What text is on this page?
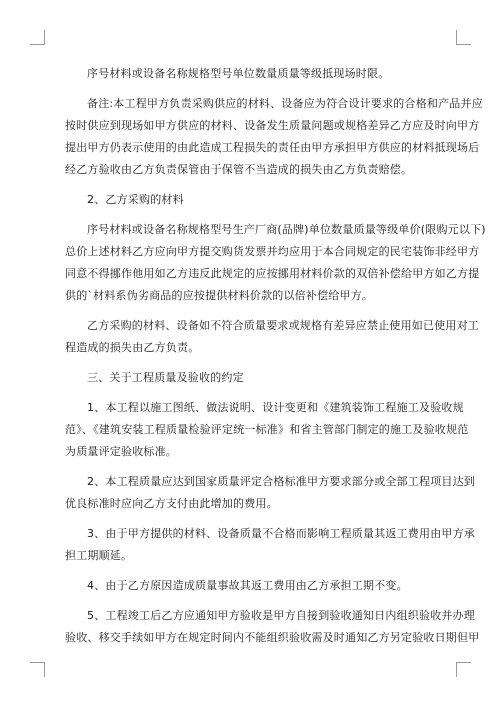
序号材料或设备名称规格型号单位数量质量等级抵现场时限。
备注:本工程甲方负责采购供应的材料、设备应为符合设计要求的合格和产品并应
按时供应到现场如甲方供应的材料、设备发生质量问题或规格差异乙方应及时向甲方
提出甲方仍表示使用的由此造成工程损失的责任由甲方承担甲方供应的材料抵现场后
经乙方验收由乙方负责保管由于保管不当造成的损失由乙方负责赔偿。
2、乙方采购的材料
序号材料或设备名称规格型号生产厂商(品牌)单位数量质量等级单价(限购元以下)
总价上述材料乙方应向甲方提交购货发票并均应用于本合同规定的民宅装饰非经甲方
同意不得挪作他用如乙方违反此规定的应按挪用材料价款的双倍补偿给甲方如乙方提
供的`材料系伪劣商品的应按提供材料价款的以倍补偿给甲方。
乙方采购的材料、设备如不符合质量要求或规格有差异应禁止使用如已使用对工
程造成的损失由乙方负责。
三、关于工程质量及验收的约定
1、本工程以施工图纸、做法说明、设计变更和《建筑装饰工程施工及验收规
范》、《建筑安装工程质量检验评定统一标准》和省主管部门制定的施工及验收规范
为质量评定验收标准。
2、本工程质量应达到国家质量评定合格标准甲方要求部分或全部工程项目达到
优良标准时应向乙方支付由此增加的费用。
3、由于甲方提供的材料、设备质量不合格而影响工程质量其返工费用由甲方承
担工期顺延。
4、由于乙方原因造成质量事故其返工费用由乙方承担工期不变。
5、工程竣工后乙方应通知甲方验收是甲方自接到验收通知日内组织验收并办理
验收、移交手续如甲方在规定时间内不能组织验收需及时通知乙方另定验收日期但甲
